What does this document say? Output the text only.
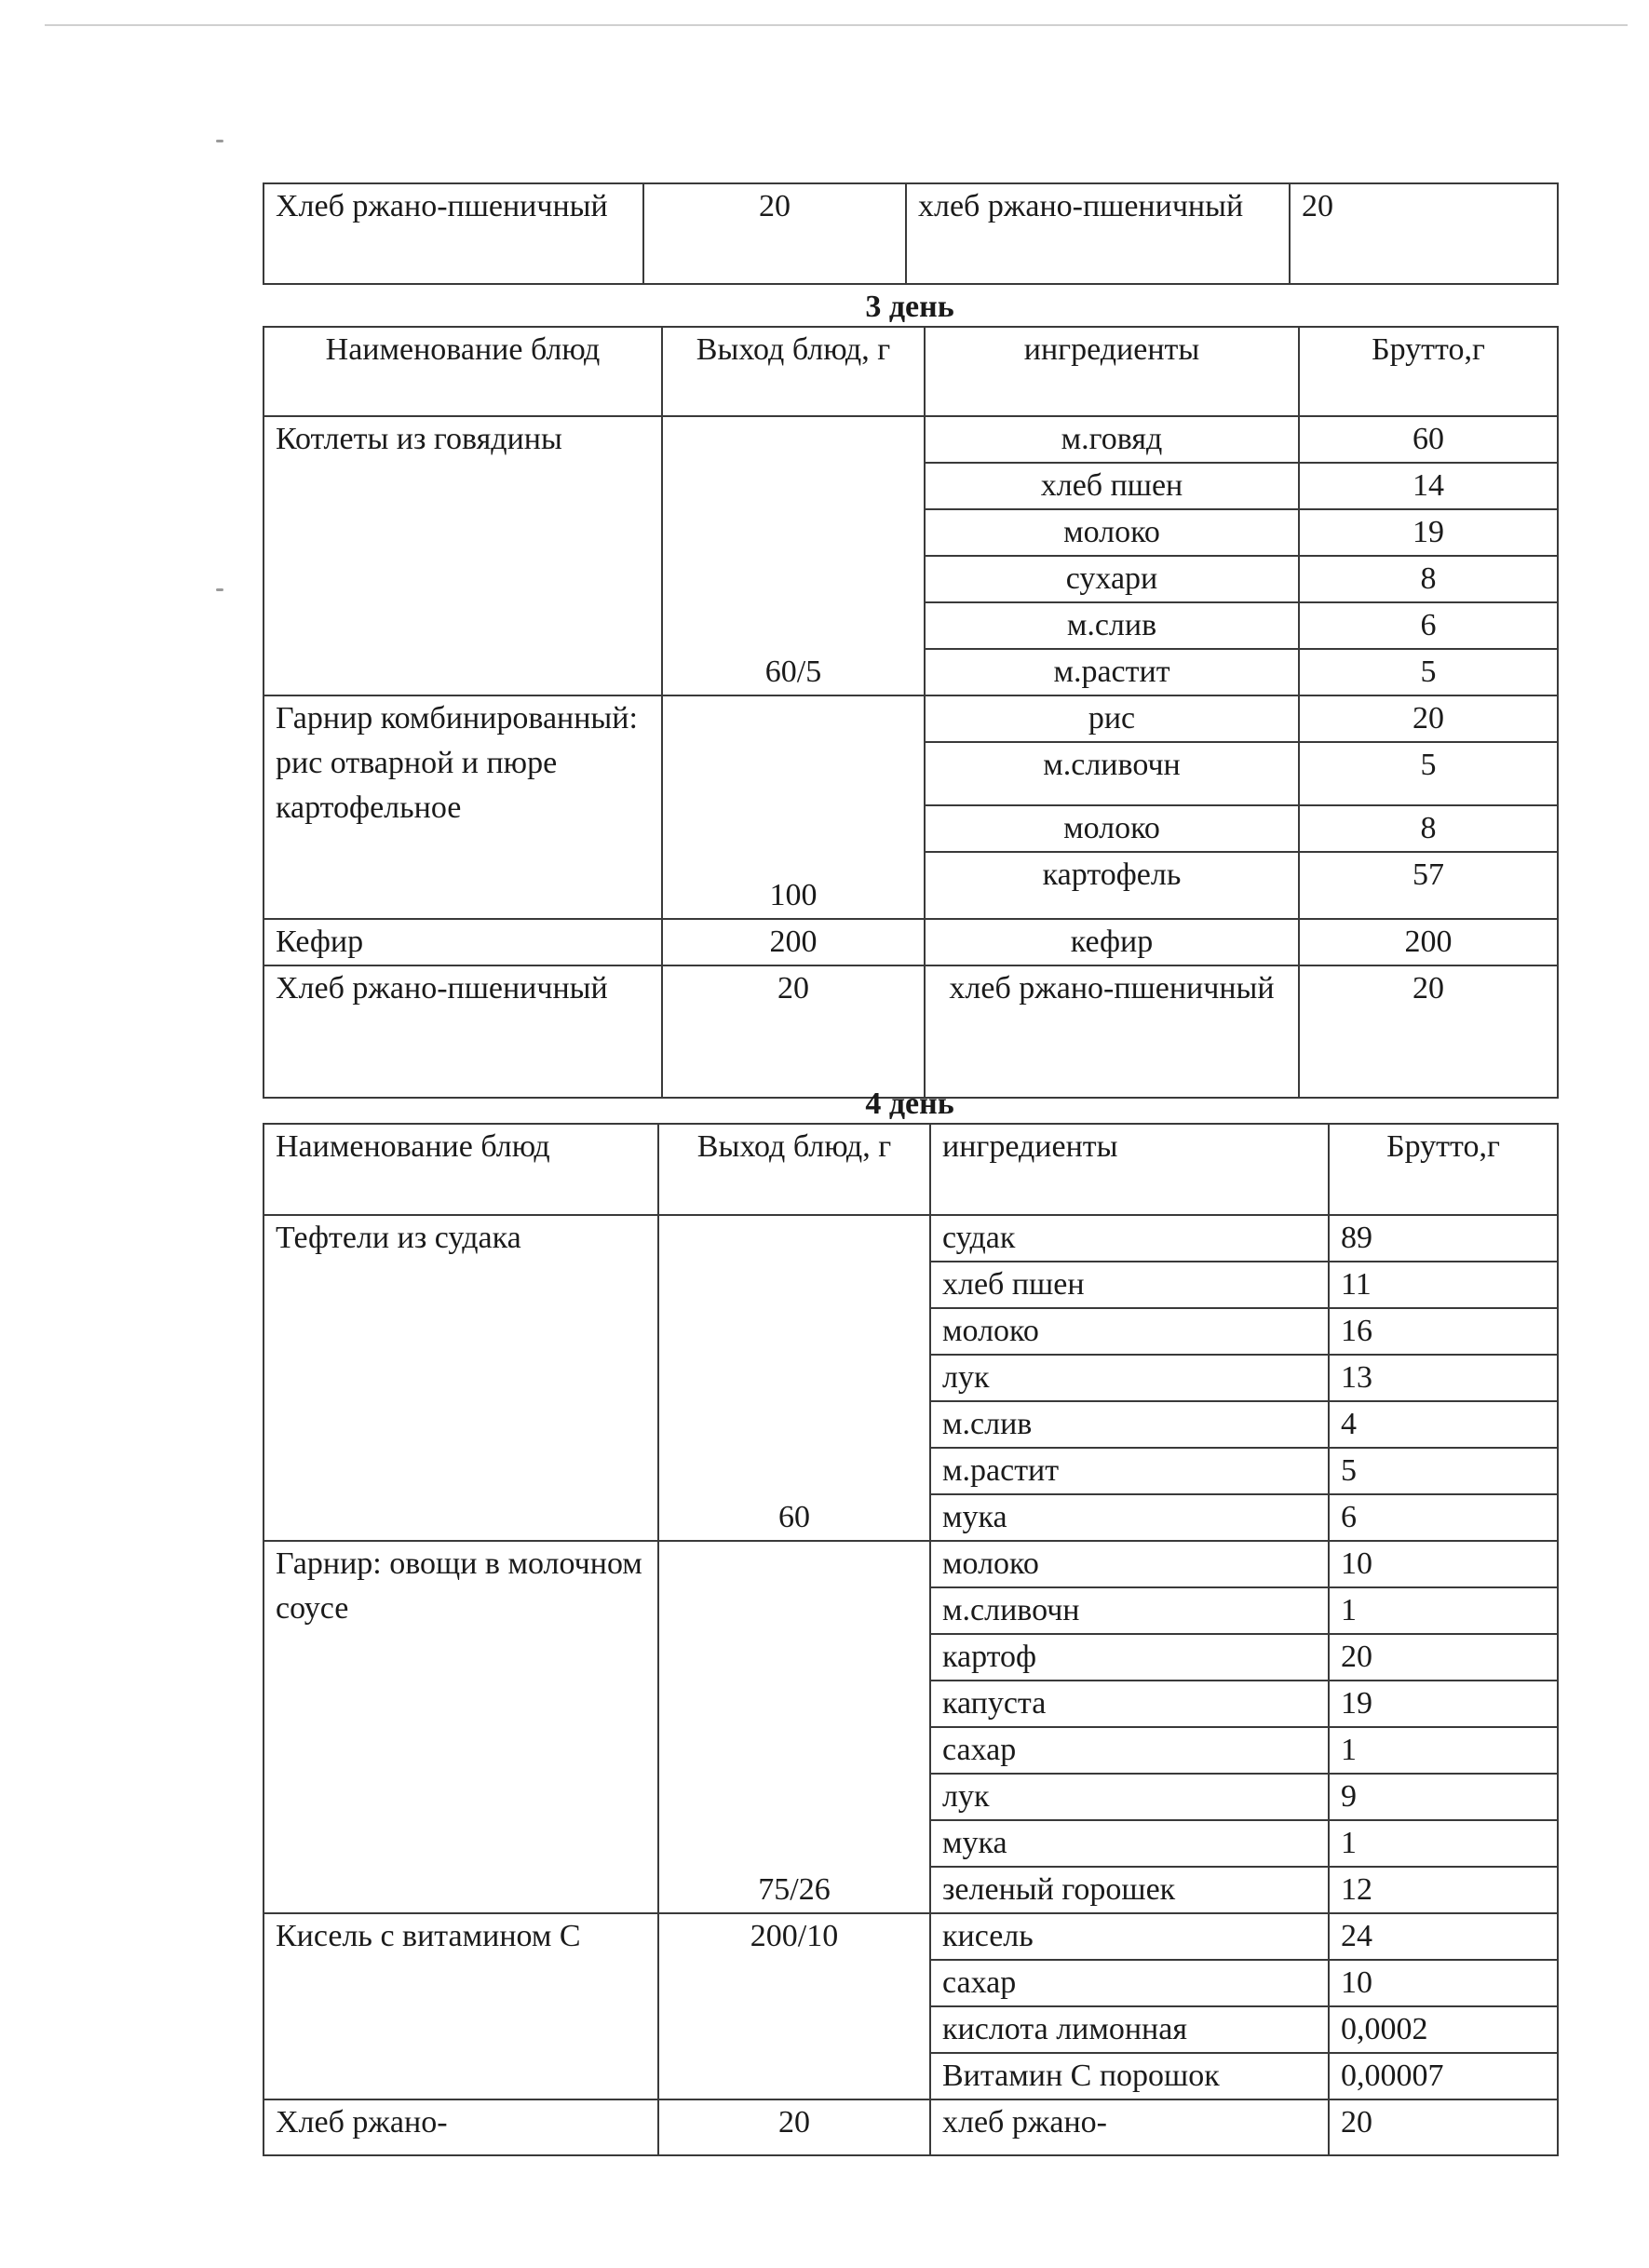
Хлеб ржано-пшеничный	20	хлеб ржано-пшеничный	20
3 день
Наименование блюд	Выход блюд, г	ингредиенты	Брутто,г
Котлеты из говядины	60/5	м.говяд	60
		хлеб пшен	14
		молоко	19
		сухари	8
		м.слив	6
		м.растит	5
Гарнир комбинированный: рис отварной и пюре картофельное	100	рис	20
		м.сливочн	5
		молоко	8
		картофель	57
Кефир	200	кефир	200
Хлеб ржано-пшеничный	20	хлеб ржано-пшеничный	20
4 день
Наименование блюд	Выход блюд, г	ингредиенты	Брутто,г
Тефтели из судака	60	судак	89
		хлеб пшен	11
		молоко	16
		лук	13
		м.слив	4
		м.растит	5
		мука	6
Гарнир: овощи в молочном соусе	75/26	молоко	10
		м.сливочн	1
		картоф	20
		капуста	19
		сахар	1
		лук	9
		мука	1
		зеленый горошек	12
Кисель с витамином С	200/10	кисель	24
		сахар	10
		кислота лимонная	0,0002
		Витамин С порошок	0,00007
Хлеб ржано-	20	хлеб ржано-	20
